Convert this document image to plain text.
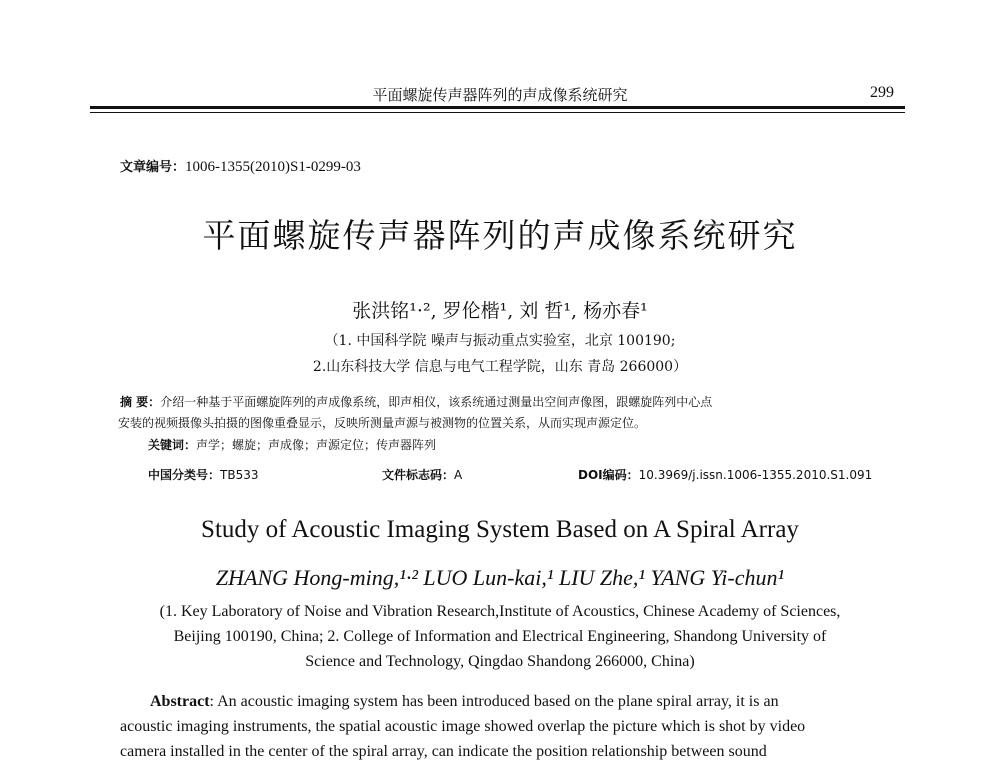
平面螺旋传声器阵列的声成像系统研究	299
文章编号：1006-1355(2010)S1-0299-03
平面螺旋传声器阵列的声成像系统研究
张洪铭¹·², 罗伦楷¹, 刘 哲¹, 杨亦春¹
（1. 中国科学院 噪声与振动重点实验室，北京 100190;
2.山东科技大学 信息与电气工程学院，山东 青岛 266000）
摘 要：介绍一种基于平面螺旋阵列的声成像系统，即声相仪，该系统通过测量出空间声像图，跟螺旋阵列中心点
安装的视频摄像头拍摄的图像重叠显示，反映所测量声源与被测物的位置关系，从而实现声源定位。
关键词：声学；螺旋；声成像；声源定位；传声器阵列
中国分类号：TB533	文件标志码：A	DOI编码：10.3969/j.issn.1006-1355.2010.S1.091
Study of Acoustic Imaging System Based on A Spiral Array
ZHANG Hong-ming,¹·² LUO Lun-kai,¹ LIU Zhe,¹ YANG Yi-chun¹
(1. Key Laboratory of Noise and Vibration Research,Institute of Acoustics, Chinese Academy of Sciences,
Beijing 100190, China; 2. College of Information and Electrical Engineering, Shandong University of
Science and Technology, Qingdao Shandong 266000, China)
Abstract: An acoustic imaging system has been introduced based on the plane spiral array, it is an
acoustic imaging instruments, the spatial acoustic image showed overlap the picture which is shot by video
camera installed in the center of the spiral array, can indicate the position relationship between sound
